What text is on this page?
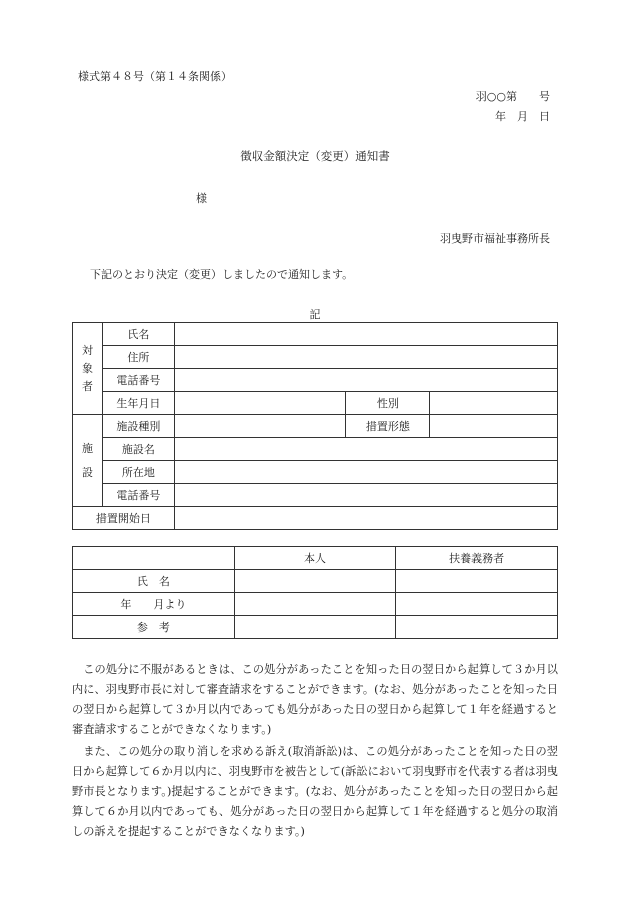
様式第４８号（第１４条関係）
羽○○第　　号
年　月　日
徴収金額決定（変更）通知書
様
羽曳野市福祉事務所長
下記のとおり決定（変更）しましたので通知します。
記
対象者	氏名			
	住所			
	電話番号			
	生年月日		性別	

施設	施設種別		措置形態	
	施設名			
	所在地			
	電話番号			
措置開始日				
	本人	扶養義務者
氏　名		
年　　月より		
参　考		
この処分に不服があるときは、この処分があったことを知った日の翌日から起算して３か月以内に、羽曳野市長に対して審査請求をすることができます。(なお、処分があったことを知った日の翌日から起算して３か月以内であっても処分があった日の翌日から起算して１年を経過すると審査請求することができなくなります。)
また、この処分の取り消しを求める訴え(取消訴訟)は、この処分があったことを知った日の翌日から起算して６か月以内に、羽曳野市を被告として(訴訟において羽曳野市を代表する者は羽曳野市長となります。)提起することができます。(なお、処分があったことを知った日の翌日から起算して６か月以内であっても、処分があった日の翌日から起算して１年を経過すると処分の取消しの訴えを提起することができなくなります。)
